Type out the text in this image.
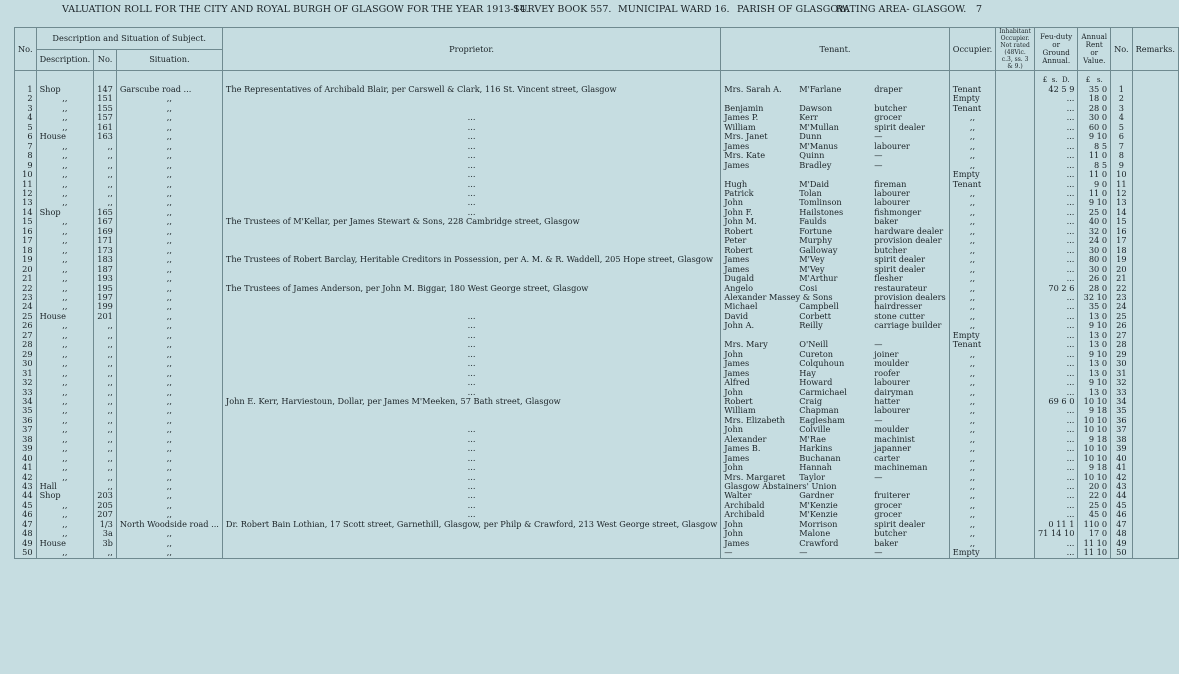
VALUATION ROLL FOR THE CITY AND ROYAL BURGH OF GLASGOW FOR THE YEAR 1913-14.
SURVEY BOOK 557. MUNICIPAL WARD 16. PARISH OF GLASGOW.
RATING AREA- GLASGOW. 7
No.	Description and Situation of Subject.			Proprietor.	Tenant.	Occupier.	Inhabitant Occupier. Not rated (48Vic. c.3, ss. 3 & 9.)	Feu-duty or Ground Annual.	Annual Rent or Value.	No.	Remarks.
	Description.	No.	Situation.								

								£ s. D.	£ s.		
1	Shop	147	Garscube road ...	The Representatives of Archibald Blair, per Carswell & Clark, 116 St. Vincent street, Glasgow	Mrs. Sarah A. M'Farlane draper	Tenant		42 5 9	35 0	1	
2	,,	151	,,			Empty		...	18 0	2	
3	,,	155	,,		Benjamin Dawson butcher	Tenant		...	28 0	3	
4	,,	157	,,	...	James P. Kerr grocer	,,		...	30 0	4	
5	,,	161	,,	...	William M'Mullan spirit dealer	,,		...	60 0	5	
6	House	163	,,	...	Mrs. Janet Dunn —	,,		...	9 10	6	
7	,,	,,	,,	...	James M'Manus labourer	,,		...	8 5	7	
8	,,	,,	,,	...	Mrs. Kate Quinn —	,,		...	11 0	8	
9	,,	,,	,,	...	James Bradley —	,,		...	8 5	9	
10	,,	,,	,,	...		Empty		...	11 0	10	
11	,,	,,	,,	...	Hugh M'Daid fireman	Tenant		...	9 0	11	
12	,,	,,	,,	...	Patrick Tolan labourer	,,		...	11 0	12	
13	,,	,,	,,	...	John Tomlinson labourer	,,		...	9 10	13	
14	Shop	165	,,	...	John F. Hailstones fishmonger	,,		...	25 0	14	
15	,,	167	,,	The Trustees of M'Kellar, per James Stewart & Sons, 228 Cambridge street, Glasgow	John M. Faulds baker	,,		...	40 0	15	
16	,,	169	,,		Robert Fortune hardware dealer	,,		...	32 0	16	
17	,,	171	,,		Peter Murphy provision dealer	,,		...	24 0	17	
18	,,	173	,,		Robert Galloway butcher	,,		...	30 0	18	
19	,,	183	,,	The Trustees of Robert Barclay, Heritable Creditors in Possession, per A. M. & R. Waddell, 205 Hope street, Glasgow	James M'Vey spirit dealer	,,		...	80 0	19	
20	,,	187	,,		James M'Vey spirit dealer	,,		...	30 0	20	
21	,,	193	,,		Dugald M'Arthur flesher	,,		...	26 0	21	
22	,,	195	,,	The Trustees of James Anderson, per John M. Biggar, 180 West George street, Glasgow	Angelo Cosi restaurateur	,,		70 2 6	28 0	22	
23	,,	197	,,		Alexander Massey & Sons provision dealers	,,		...	32 10	23	
24	,,	199	,,		Michael Campbell hairdresser	,,		...	35 0	24	
25	House	201	,,	...	David Corbett stone cutter	,,		...	13 0	25	
26	,,	,,	,,	...	John A. Reilly carriage builder	,,		...	9 10	26	
27	,,	,,	,,	...		Empty		...	13 0	27	
28	,,	,,	,,	...	Mrs. Mary O'Neill —	Tenant		...	13 0	28	
29	,,	,,	,,	...	John Cureton joiner	,,		...	9 10	29	
30	,,	,,	,,	...	James Colquhoun moulder	,,		...	13 0	30	
31	,,	,,	,,	...	James Hay roofer	,,		...	13 0	31	
32	,,	,,	,,	...	Alfred Howard labourer	,,		...	9 10	32	
33	,,	,,	,,	...	John Carmichael dairyman	,,		...	13 0	33	
34	,,	,,	,,	John E. Kerr, Harviestoun, Dollar, per James M'Meeken, 57 Bath street, Glasgow	Robert Craig hatter	,,		69 6 0	10 10	34	
35	,,	,,	,,		William Chapman labourer	,,		...	9 18	35	
36	,,	,,	,,		Mrs. Elizabeth Eaglesham —	,,		...	10 10	36	
37	,,	,,	,,	...	John Colville moulder	,,		...	10 10	37	
38	,,	,,	,,	...	Alexander M'Rae machinist	,,		...	9 18	38	
39	,,	,,	,,	...	James B. Harkins japanner	,,		...	10 10	39	
40	,,	,,	,,	...	James Buchanan carter	,,		...	10 10	40	
41	,,	,,	,,	...	John Hannah machineman	,,		...	9 18	41	
42	,,	,,	,,	...	Mrs. Margaret Taylor —	,,		...	10 10	42	
43	Hall	,,	,,	...	Glasgow Abstainers' Union	,,		...	20 0	43	
44	Shop	203	,,	...	Walter Gardner fruiterer	,,		...	22 0	44	
45	,,	205	,,	...	Archibald M'Kenzie grocer	,,		...	25 0	45	
46	,,	207	,,	...	Archibald M'Kenzie grocer	,,		...	45 0	46	
47	,,	1/3	North Woodside road ...	Dr. Robert Bain Lothian, 17 Scott street, Garnethill, Glasgow, per Philp & Crawford, 213 West George street, Glasgow	John Morrison spirit dealer	,,		0 11 1	110 0	47	
48	,,	3a	,,		John Malone butcher	,,		71 14 10	17 0	48	
49	House	3b	,,		James Crawford baker	,,		...	11 10	49	
50	,,	,,	,,		— — —	Empty		...	11 10	50	
